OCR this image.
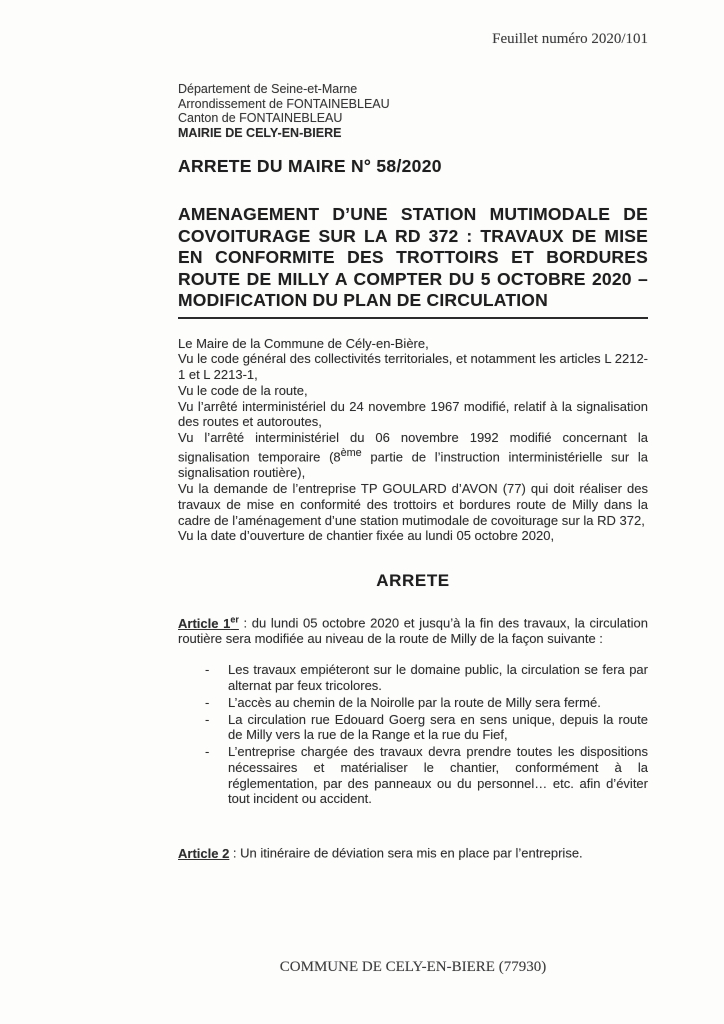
Feuillet numéro 2020/101
Département de Seine-et-Marne
Arrondissement de FONTAINEBLEAU
Canton de FONTAINEBLEAU
MAIRIE DE CELY-EN-BIERE
ARRETE DU MAIRE N° 58/2020
AMENAGEMENT D’UNE STATION MUTIMODALE DE COVOITURAGE SUR LA RD 372 : TRAVAUX DE MISE EN CONFORMITE DES TROTTOIRS ET BORDURES ROUTE DE MILLY A COMPTER DU 5 OCTOBRE 2020 – MODIFICATION DU PLAN DE CIRCULATION

Le Maire de la Commune de Cély-en-Bière,

Vu le code général des collectivités territoriales, et notamment les articles L 2212-1 et L 2213-1,

Vu le code de la route,

Vu l’arrêté interministériel du 24 novembre 1967 modifié, relatif à la signalisation des routes et autoroutes,

Vu l’arrêté interministériel du 06 novembre 1992 modifié concernant la signalisation temporaire (8ème partie de l’instruction interministérielle sur la signalisation routière),

Vu la demande de l’entreprise TP GOULARD d’AVON (77) qui doit réaliser des travaux de mise en conformité des trottoirs et bordures route de Milly dans la cadre de l’aménagement d’une station mutimodale de covoiturage sur la RD 372,

Vu la date d’ouverture de chantier fixée au lundi 05 octobre 2020,

ARRETE

Article 1er : du lundi 05 octobre 2020 et jusqu’à la fin des travaux, la circulation routière sera modifiée au niveau de la route de Milly de la façon suivante :

- Les travaux empiéteront sur le domaine public, la circulation se fera par alternat par feux tricolores.
- L’accès au chemin de la Noirolle par la route de Milly sera fermé.
- La circulation rue Edouard Goerg sera en sens unique, depuis la route de Milly vers la rue de la Range et la rue du Fief,
- L’entreprise chargée des travaux devra prendre toutes les dispositions nécessaires et matérialiser le chantier, conformément à la réglementation, par des panneaux ou du personnel… etc. afin d’éviter tout incident ou accident.

Article 2 : Un itinéraire de déviation sera mis en place par l’entreprise.

COMMUNE DE CELY-EN-BIERE (77930)
